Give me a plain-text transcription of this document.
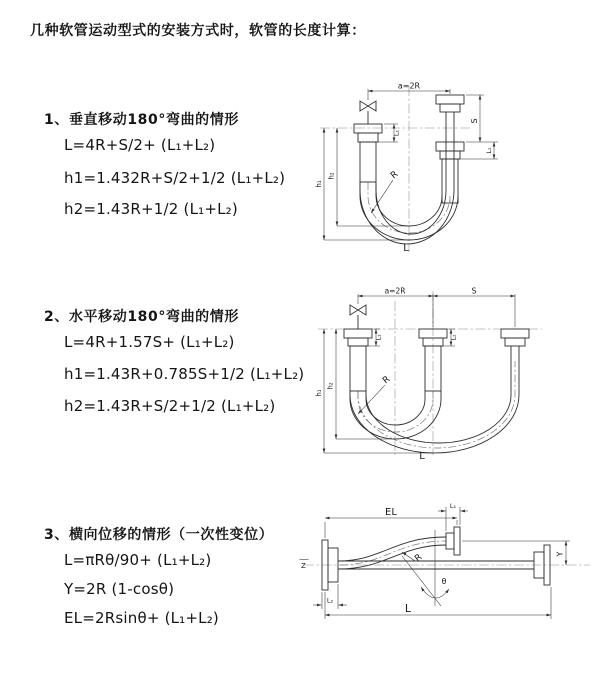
几种软管运动型式的安装方式时，软管的长度计算：
1、垂直移动180°弯曲的情形
L=4R+S/2+ (L₁+L₂)
h1=1.432R+S/2+1/2 (L₁+L₂)
h2=1.43R+1/2 (L₁+L₂)
a=2R
S
L₂
L₁
h₁
h₂	R
L
2、水平移动180°弯曲的情形
L=4R+1.57S+ (L₁+L₂)
h1=1.43R+0.785S+1/2 (L₁+L₂)
h2=1.43R+S/2+1/2 (L₁+L₂)
a=2R	S
h₁
h₂
L₁	L₂
R
L
3、横向位移的情形（一次性变位）
L=πRθ/90+ (L₁+L₂)
Y=2R (1-cosθ)
EL=2Rsinθ+ (L₁+L₂)
Z
θ
R
EL
L₁
Y
L₂
L
